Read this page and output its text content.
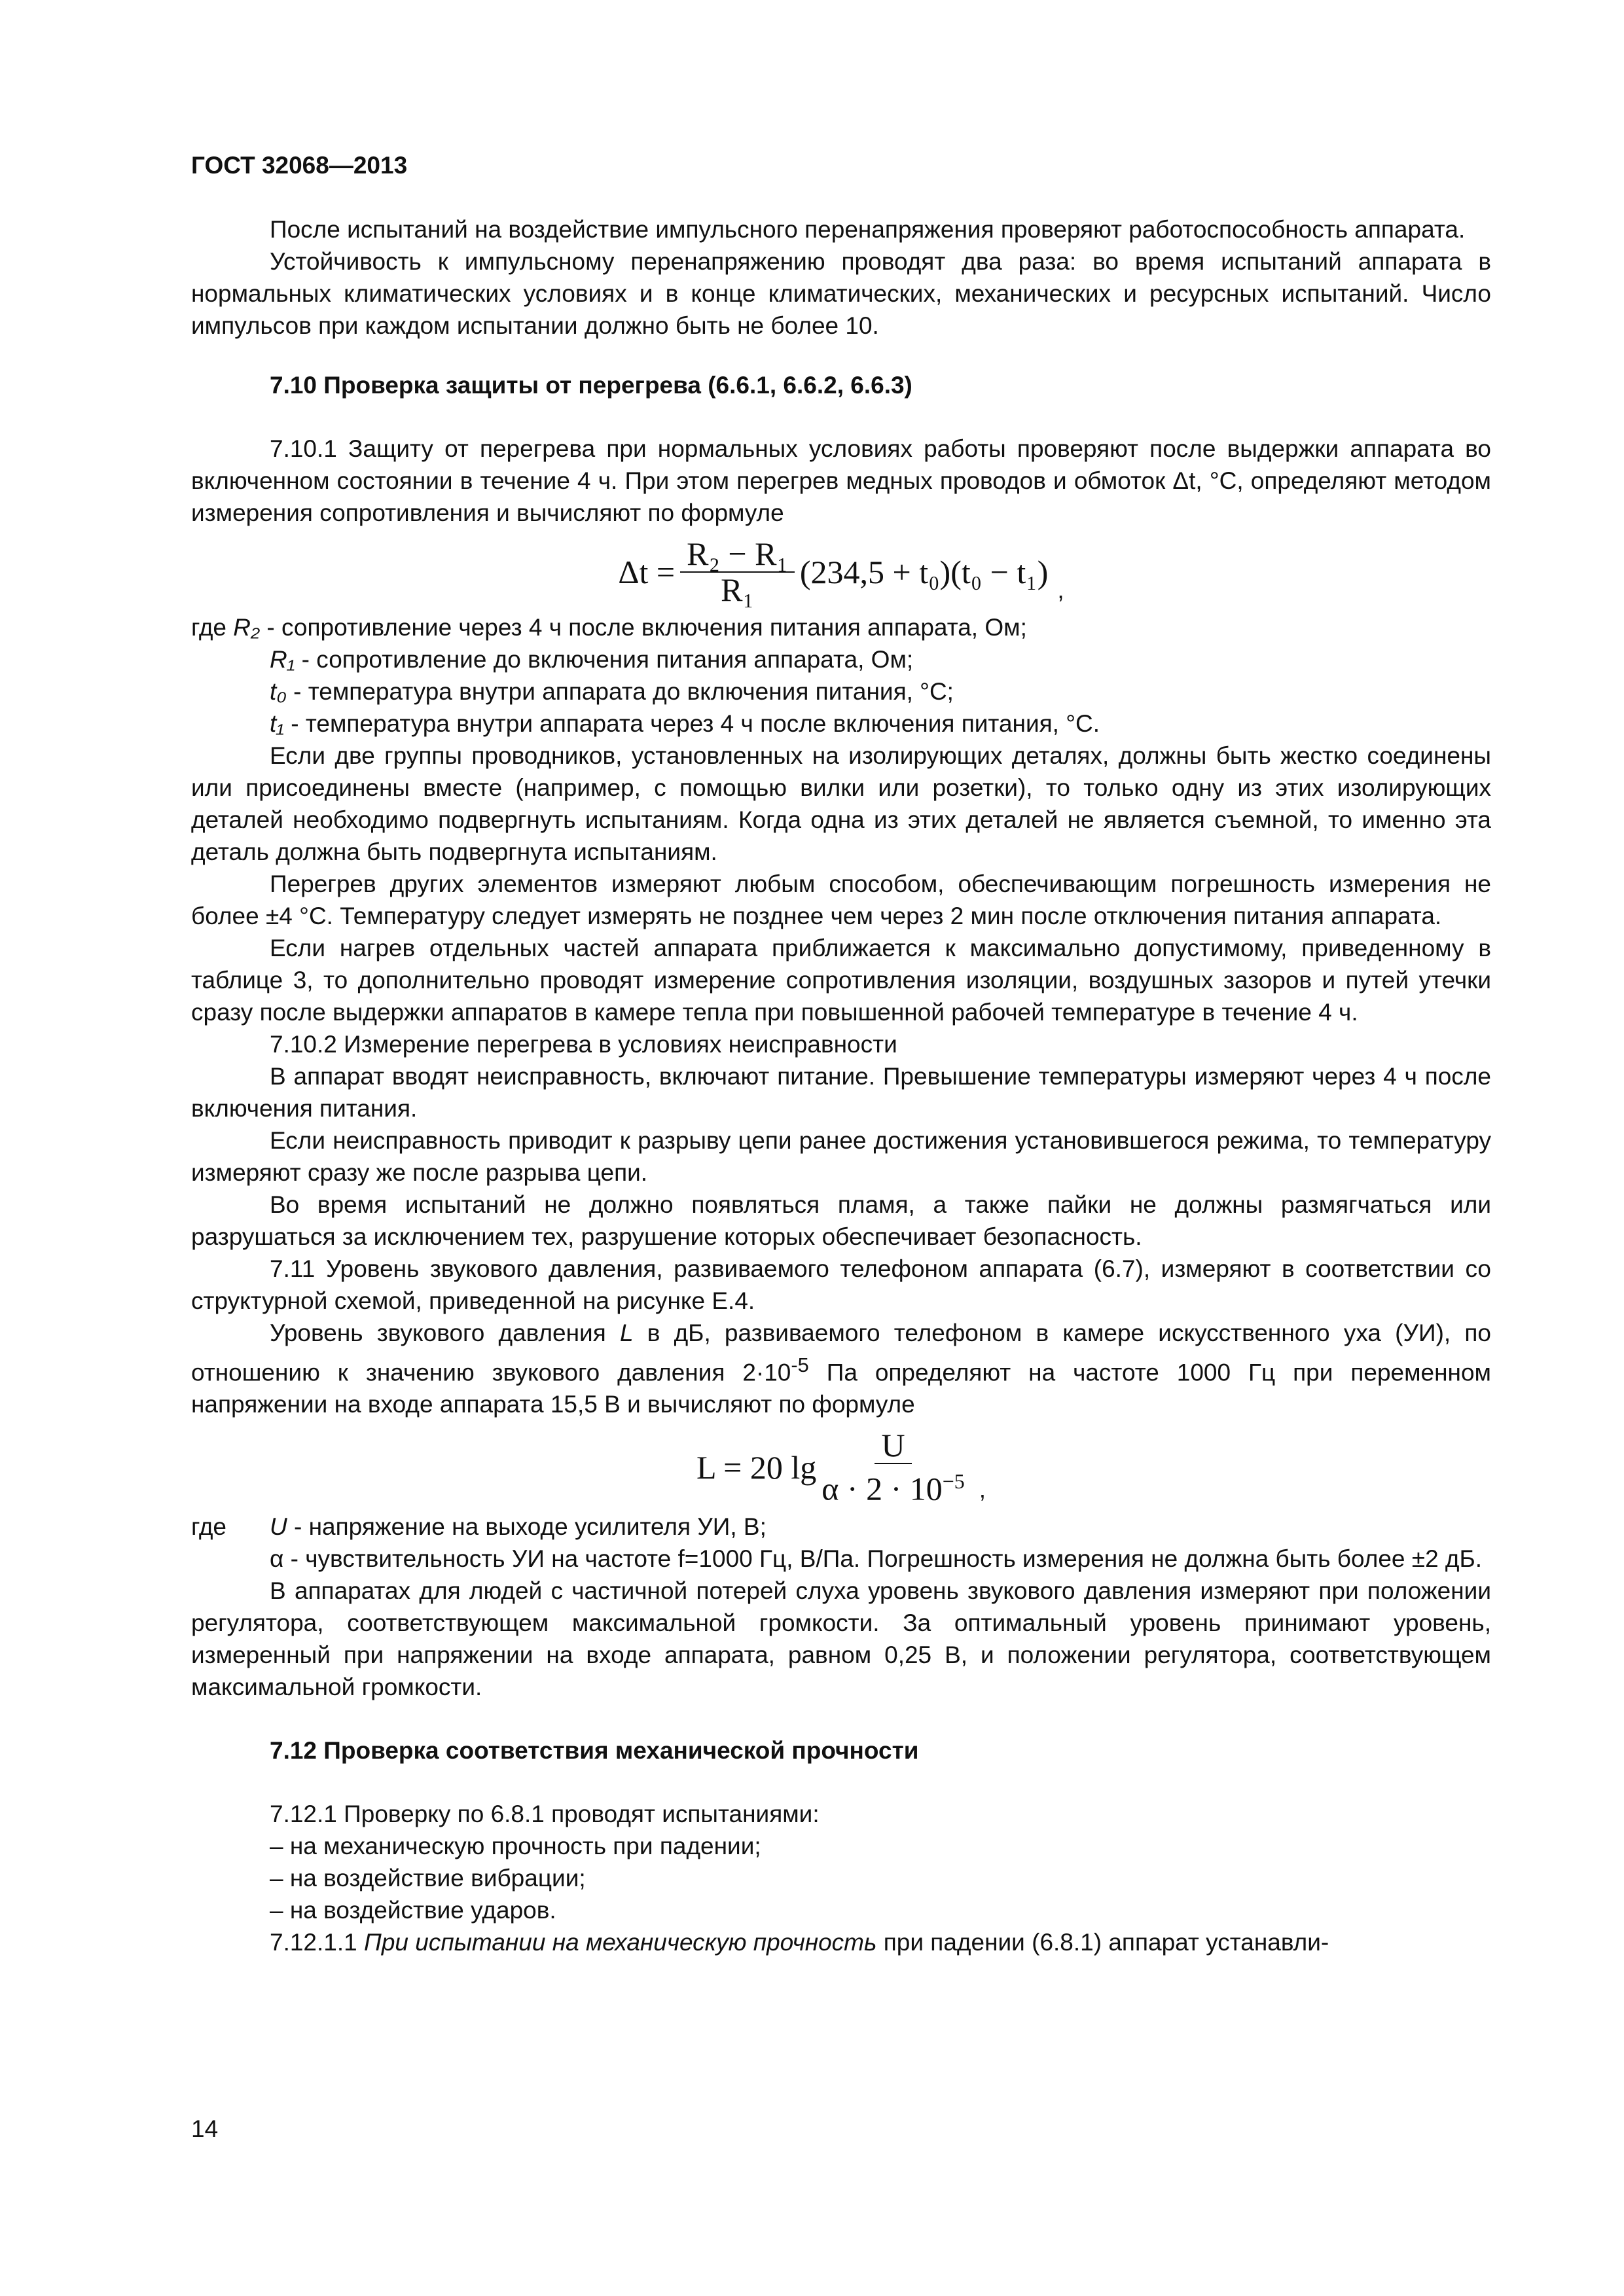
ГОСТ 32068—2013

После испытаний на воздействие импульсного перенапряжения проверяют работоспособность аппарата.

Устойчивость к импульсному перенапряжению проводят два раза: во время испытаний аппарата в нормальных климатических условиях и в конце климатических, механических и ресурсных испытаний. Число импульсов при каждом испытании должно быть не более 10.

7.10 Проверка защиты от перегрева (6.6.1, 6.6.2, 6.6.3)

7.10.1 Защиту от перегрева при нормальных условиях работы проверяют после выдержки аппарата во включенном состоянии в течение 4 ч. При этом перегрев медных проводов и обмоток Δt, °С, определяют методом измерения сопротивления и вычисляют по формуле

$\Delta t = \frac{\text{R₂ − R₁}}{\text{R₁}} (234,5 + t_0)(t_0 - t_1)$ ,

где R₂ - сопротивление через 4 ч после включения питания аппарата, Ом;

R₁ - сопротивление до включения питания аппарата, Ом;

t₀ - температура внутри аппарата до включения питания, °С;

t₁ - температура внутри аппарата через 4 ч после включения питания, °С.

Если две группы проводников, установленных на изолирующих деталях, должны быть жестко соединены или присоединены вместе (например, с помощью вилки или розетки), то только одну из этих изолирующих деталей необходимо подвергнуть испытаниям. Когда одна из этих деталей не является съемной, то именно эта деталь должна быть подвергнута испытаниям.

Перегрев других элементов измеряют любым способом, обеспечивающим погрешность измерения не более ±4 °С. Температуру следует измерять не позднее чем через 2 мин после отключения питания аппарата.

Если нагрев отдельных частей аппарата приближается к максимально допустимому, приведенному в таблице 3, то дополнительно проводят измерение сопротивления изоляции, воздушных зазоров и путей утечки сразу после выдержки аппаратов в камере тепла при повышенной рабочей температуре в течение 4 ч.

7.10.2 Измерение перегрева в условиях неисправности

В аппарат вводят неисправность, включают питание. Превышение температуры измеряют через 4 ч после включения питания.

Если неисправность приводит к разрыву цепи ранее достижения установившегося режима, то температуру измеряют сразу же после разрыва цепи.

Во время испытаний не должно появляться пламя, а также пайки не должны размягчаться или разрушаться за исключением тех, разрушение которых обеспечивает безопасность.

7.11 Уровень звукового давления, развиваемого телефоном аппарата (6.7), измеряют в соответствии со структурной схемой, приведенной на рисунке Е.4.

Уровень звукового давления L в дБ, развиваемого телефоном в камере искусственного уха (УИ), по отношению к значению звукового давления $2\cdot 10^{-5}$ Па определяют на частоте 1000 Гц при переменном напряжении на входе аппарата 15,5 В и вычисляют по формуле

L = 20 $\lg \frac{U}{\alpha \cdot 2 \cdot 10^{-5}}$ ,
где	U - напряжение на выходе усилителя УИ, В;

α - чувствительность УИ на частоте f=1000 Гц, В/Па. Погрешность измерения не должна быть более ±2 дБ.

В аппаратах для людей с частичной потерей слуха уровень звукового давления измеряют при положении регулятора, соответствующем максимальной громкости. За оптимальный уровень принимают уровень, измеренный при напряжении на входе аппарата, равном 0,25 В, и положении регулятора, соответствующем максимальной громкости.

7.12 Проверка соответствия механической прочности

7.12.1 Проверку по 6.8.1 проводят испытаниями:

– на механическую прочность при падении;

– на воздействие вибрации;

– на воздействие ударов.

7.12.1.1 При испытании на механическую прочность при падении (6.8.1) аппарат устанавли-

14
